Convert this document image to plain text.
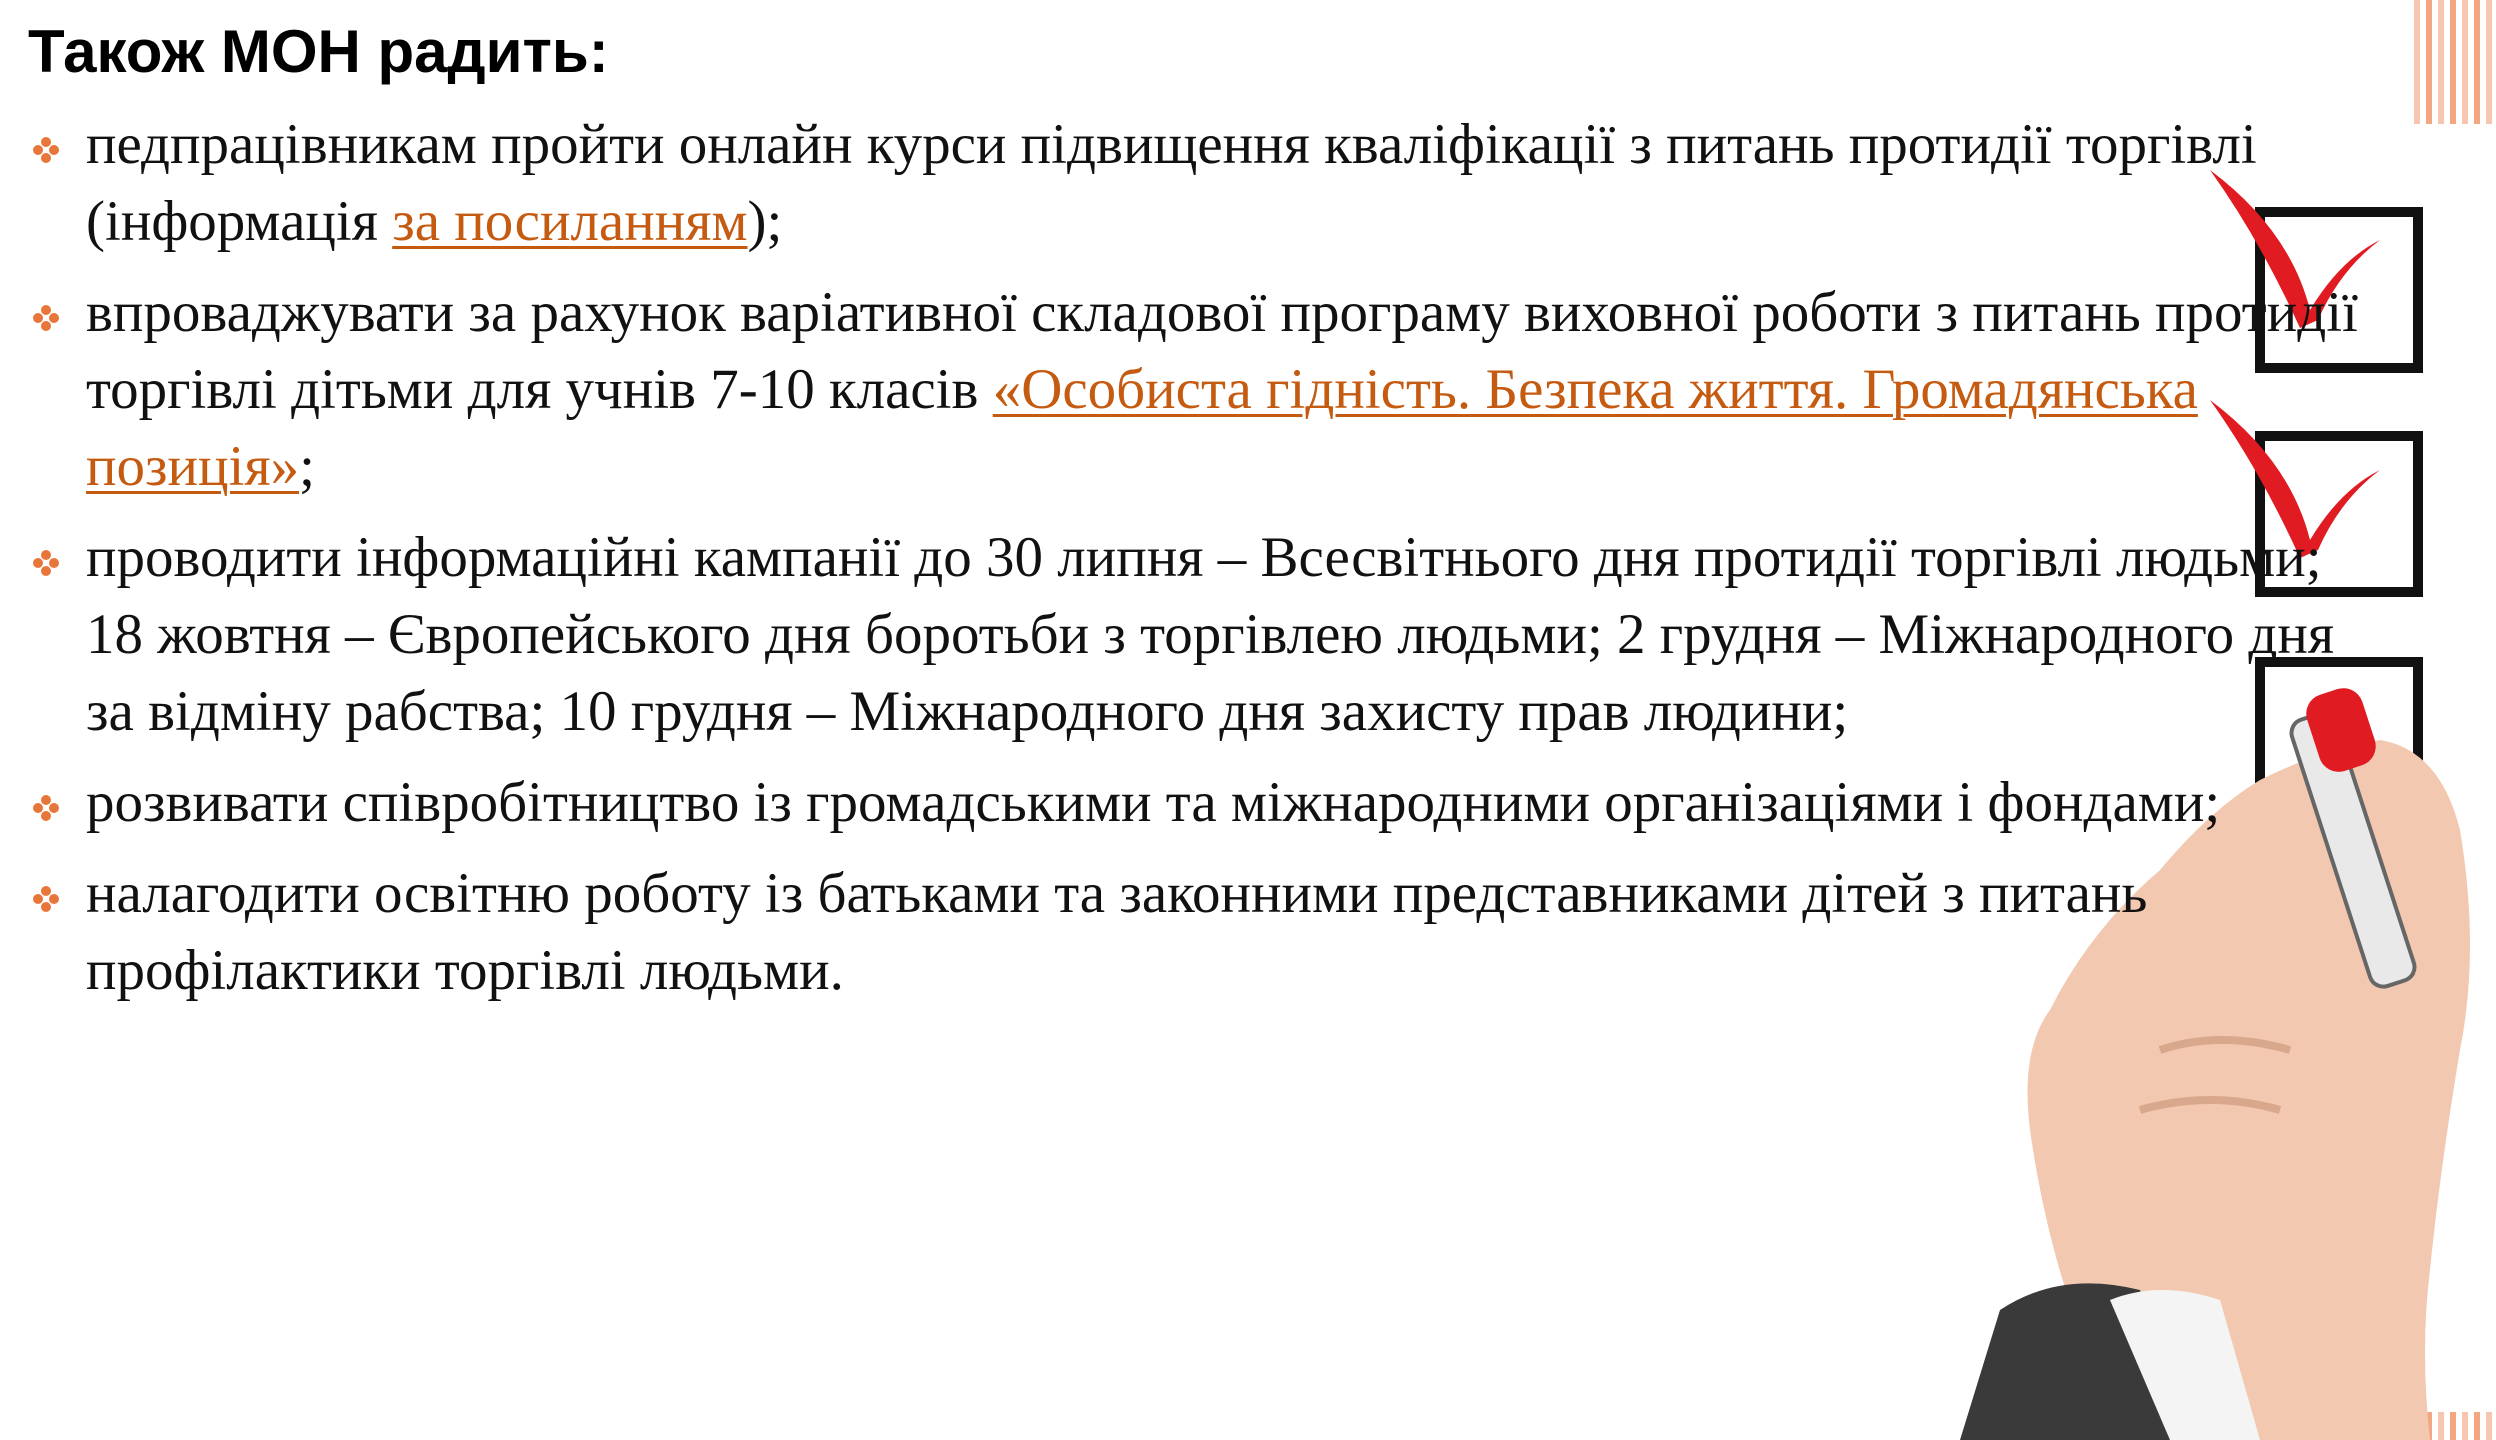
Також МОН радить:
педпрацівникам пройти онлайн курси підвищення кваліфікації з питань протидії торгівлі (інформація за посиланням);
впроваджувати за рахунок варіативної складової програму виховної роботи з питань протидії торгівлі дітьми для учнів 7-10 класів «Особиста гідність. Безпека життя. Громадянська позиція»;
проводити інформаційні кампанії до 30 липня – Всесвітнього дня протидії торгівлі людьми; 18 жовтня – Європейського дня боротьби з торгівлею людьми; 2 грудня – Міжнародного дня за відміну рабства; 10 грудня – Міжнародного дня захисту прав людини;
розвивати співробітництво із громадськими та міжнародними організаціями і фондами;
налагодити освітню роботу із батьками та законними представниками дітей з питань профілактики торгівлі людьми.
